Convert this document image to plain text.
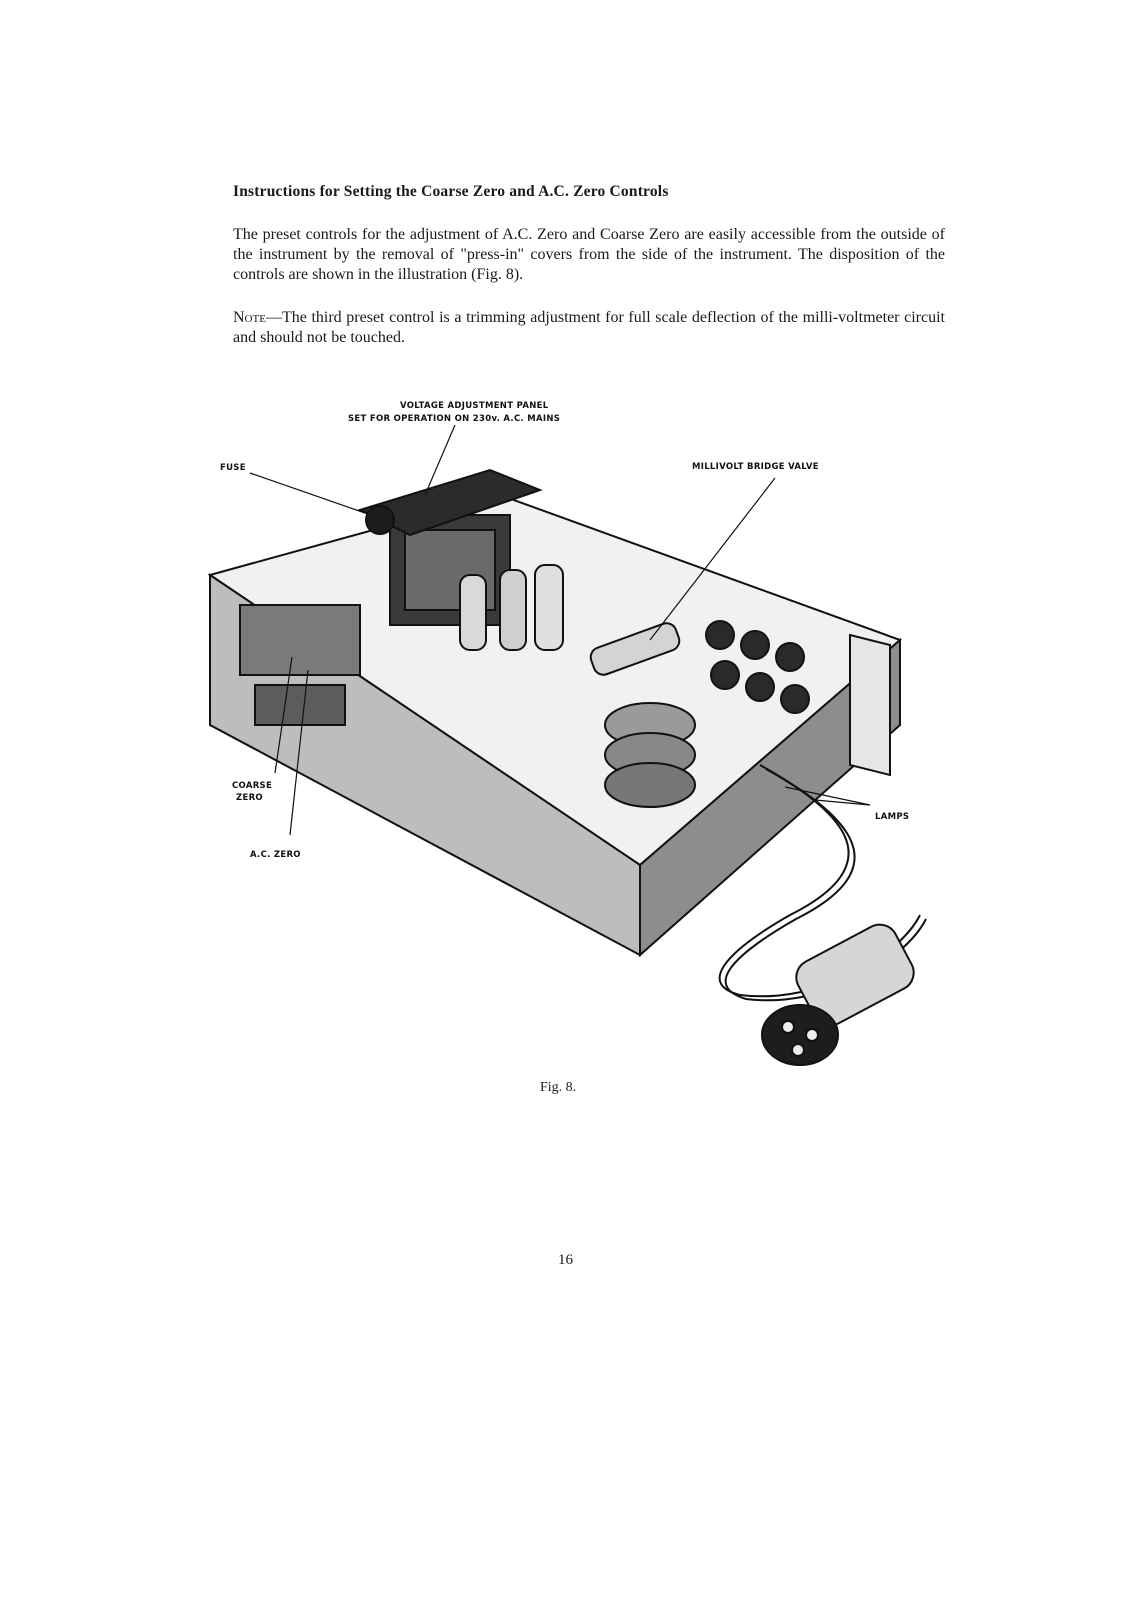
Instructions for Setting the Coarse Zero and A.C. Zero Controls

The preset controls for the adjustment of A.C. Zero and Coarse Zero are easily accessible from the outside of the instrument by the removal of "press-in" covers from the side of the instrument. The disposition of the controls are shown in the illustration (Fig. 8).

Note—The third preset control is a trimming adjustment for full scale deflection of the milli-voltmeter circuit and should not be touched.

VOLTAGE ADJUSTMENT PANEL
SET FOR OPERATION ON 230v. A.C. MAINS
FUSE	MILLIVOLT BRIDGE VALVE
COARSE
ZERO
A.C. ZERO
LAMPS

Fig. 8.

16
